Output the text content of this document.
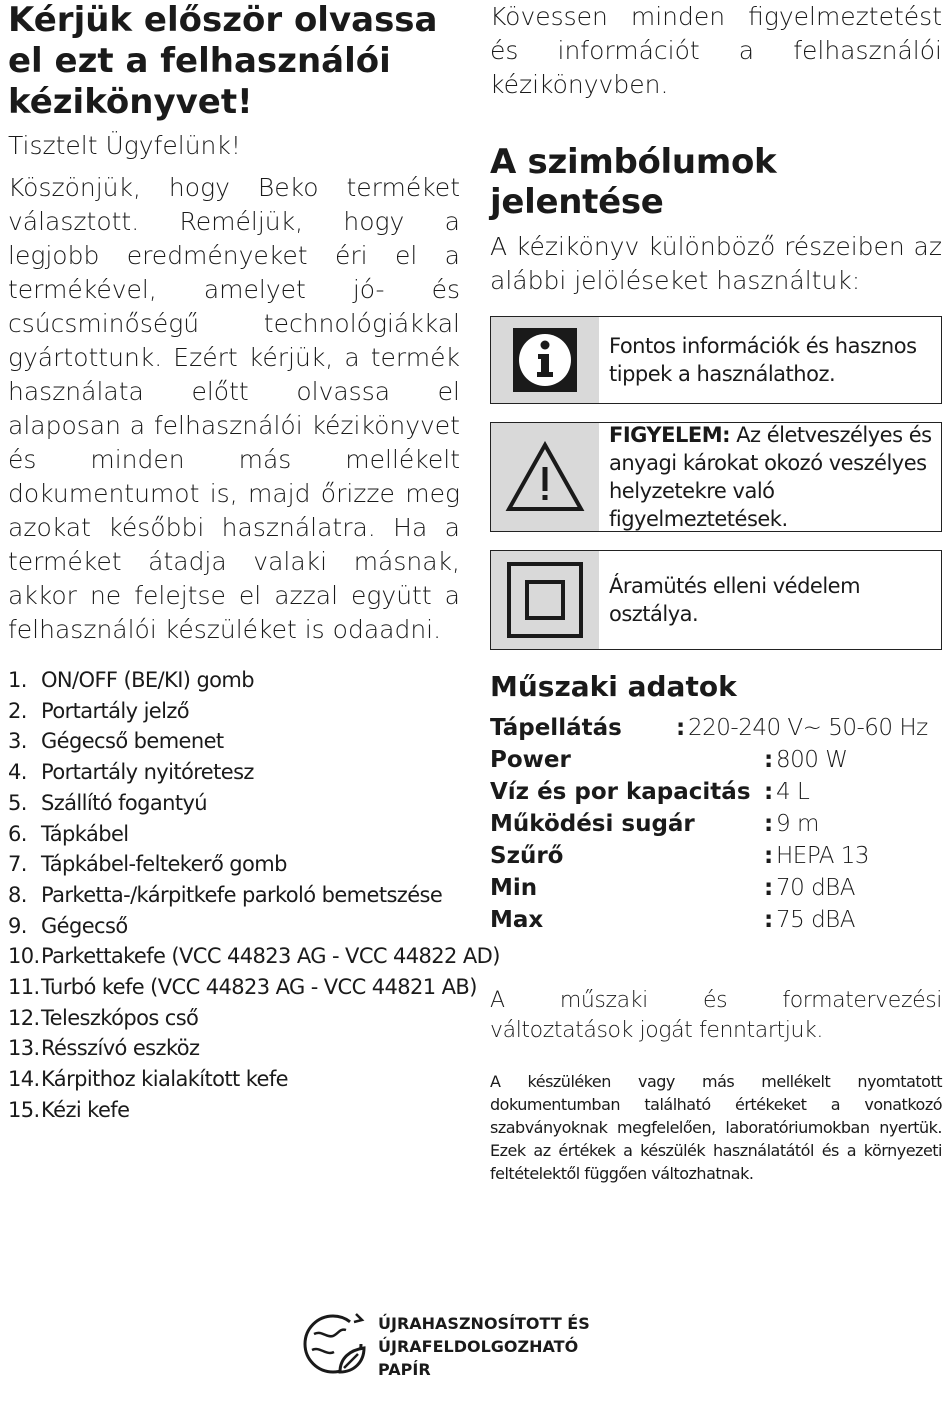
Kérjük először olvassa el ezt a felhasználói kézikönyvet!

Tisztelt Ügyfelünk!

Köszönjük, hogy Beko terméket választott. Reméljük, hogy a legjobb eredményeket éri el a termékével, amelyet jó- és csúcsminőségű technológiákkal gyártottunk. Ezért kérjük, a termék használata előtt olvassa el alaposan a felhasználói kézikönyvet és minden más mellékelt dokumentumot is, majd őrizze meg azokat későbbi használatra. Ha a terméket átadja valaki másnak, akkor ne felejtse el azzal együtt a felhasználói készüléket is odaadni.

1. ON/OFF (BE/KI) gomb
2. Portartály jelző
3. Gégecső bemenet
4. Portartály nyitóretesz
5. Szállító fogantyú
6. Tápkábel
7. Tápkábel-feltekerő gomb
8. Parketta-/kárpitkefe parkoló bemetszése
9. Gégecső
10. Parkettakefe (VCC 44823 AG - VCC 44822 AD)
11. Turbó kefe (VCC 44823 AG - VCC 44821 AB)
12. Teleszkópos cső
13. Résszívó eszköz
14. Kárpithoz kialakított kefe
15. Kézi kefe

Kövessen minden figyelmeztetést és információt a felhasználói kézikönyvben.

A szimbólumok jelentése

A kézikönyv különböző részeiben az alábbi jelöléseket használtuk:

Fontos információk és hasznos tippek a használathoz.
FIGYELEM: Az életveszélyes és anyagi károkat okozó veszélyes helyzetekre való figyelmeztetések.
Áramütés elleni védelem osztálya.
Műszaki adatok
Tápellátás	:	220-240 V~ 50-60 Hz
Power	:	800 W
Víz és por kapacitás	:	4 L
Működési sugár	:	9 m
Szűrő	:	HEPA 13
Min	:	70 dBA
Max	:	75 dBA

A műszaki és formatervezési változtatások jogát fenntartjuk.

A készüléken vagy más mellékelt nyomtatott dokumentumban található értékeket a vonatkozó szabványoknak megfelelően, laboratóriumokban nyertük. Ezek az értékek a készülék használatától és a környezeti feltételektől függően változhatnak.

ÚJRAHASZNOSÍTOTT ÉS
ÚJRAFELDOLGOZHATÓ
PAPÍR
